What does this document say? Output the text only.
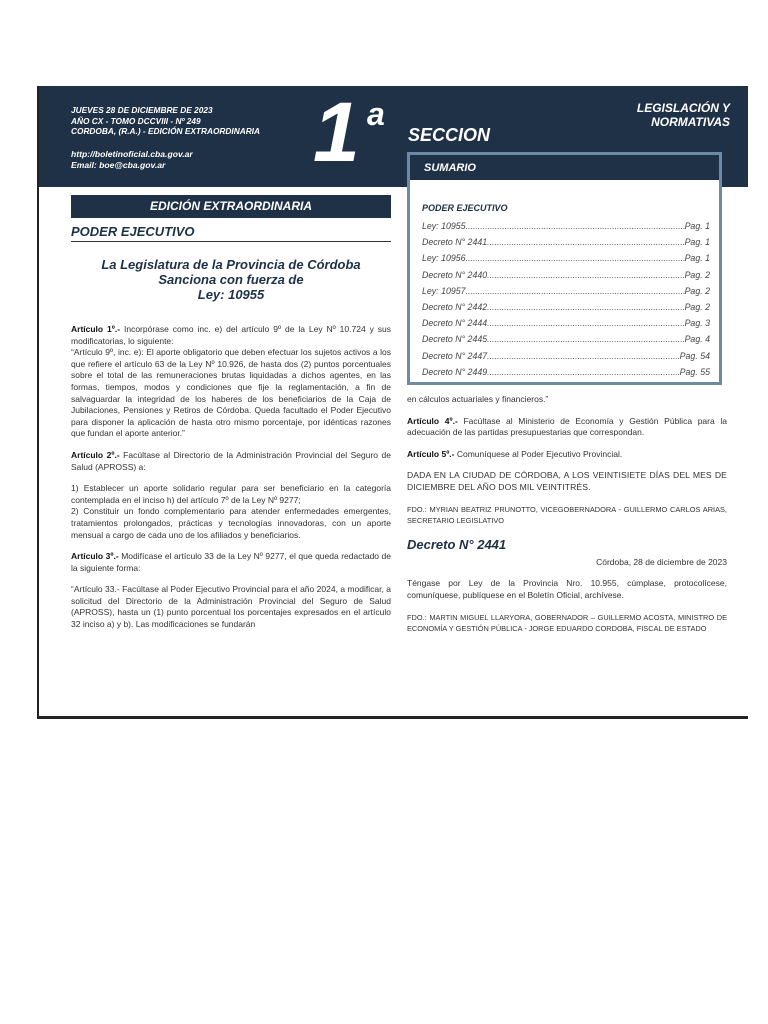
JUEVES 28 DE DICIEMBRE DE 2023
AÑO CX - TOMO DCCVIII - Nº 249
CORDOBA, (R.A.) - EDICIÓN EXTRAORDINARIA
http://boletinoficial.cba.gov.ar
Email: boe@cba.gov.ar	1 a
SECCION
LEGISLACIÓN Y
NORMATIVAS
SUMARIO
PODER EJECUTIVO
Ley: 10955 .....	Pag. 1
Decreto N° 2441 .....	Pag. 1
Ley: 10956 .....	Pag. 1
Decreto N° 2440 .....	Pag. 2
Ley: 10957 .....	Pag. 2
Decreto N° 2442 .....	Pag. 2
Decreto N° 2444 .....	Pag. 3
Decreto N° 2445 .....	Pag. 4
Decreto N° 2447 .....	Pag. 54
Decreto N° 2449 .....	Pag. 55
EDICIÓN EXTRAORDINARIA
PODER EJECUTIVO
La Legislatura de la Provincia de Córdoba
Sanciona con fuerza de
Ley: 10955

Artículo 1º.- Incorpórase como inc. e) del artículo 9º de la Ley Nº 10.724 y sus modificatorias, lo siguiente:

“Artículo 9º, inc. e): El aporte obligatorio que deben efectuar los sujetos activos a los que refiere el artículo 63 de la Ley Nº 10.926, de hasta dos (2) puntos porcentuales sobre el total de las remuneraciones brutas liquidadas a dichos agentes, en las formas, tiempos, modos y condiciones que fije la reglamentación, a fin de salvaguardar la integridad de los haberes de los beneficiarios de la Caja de Jubilaciones, Pensiones y Retiros de Córdoba. Queda facultado el Poder Ejecutivo para disponer la aplicación de hasta otro mismo porcentaje, por idénticas razones que fundan el aporte anterior.”

Artículo 2º.- Facúltase al Directorio de la Administración Provincial del Seguro de Salud (APROSS) a:

1) Establecer un aporte solidario regular para ser beneficiario en la categoría contemplada en el inciso h) del artículo 7º de la Ley Nº 9277;

2) Constituir un fondo complementario para atender enfermedades emergentes, tratamientos prolongados, prácticas y tecnologías innovadoras, con un aporte mensual a cargo de cada uno de los afiliados y beneficiarios.

Artículo 3º.- Modifícase el artículo 33 de la Ley Nº 9277, el que queda redactado de la siguiente forma:

“Artículo 33.- Facúltase al Poder Ejecutivo Provincial para el año 2024, a modificar, a solicitud del Directorio de la Administración Provincial del Seguro de Salud (APROSS), hasta un (1) punto porcentual los porcentajes expresados en el artículo 32 inciso a) y b). Las modificaciones se fundarán

en cálculos actuariales y financieros.”

Artículo 4º.- Facúltase al Ministerio de Economía y Gestión Pública para la adecuación de las partidas presupuestarias que correspondan.

Artículo 5º.- Comuníquese al Poder Ejecutivo Provincial.

DADA EN LA CIUDAD DE CÓRDOBA, A LOS VEINTISIETE DÍAS DEL MES DE DICIEMBRE DEL AÑO DOS MIL VEINTITRÉS.

FDO.: MYRIAN BEATRIZ PRUNOTTO, VICEGOBERNADORA - GUILLERMO CARLOS ARIAS, SECRETARIO LEGISLATIVO

Decreto N° 2441

Córdoba, 28 de diciembre de 2023

Téngase por Ley de la Provincia Nro. 10.955, cúmplase, protocolícese, comuníquese, publíquese en el Boletín Oficial, archívese.

FDO.: MARTIN MIGUEL LLARYORA, GOBERNADOR – GUILLERMO ACOSTA, MINISTRO DE ECONOMÍA Y GESTIÓN PÚBLICA - JORGE EDUARDO CORDOBA, FISCAL DE ESTADO
